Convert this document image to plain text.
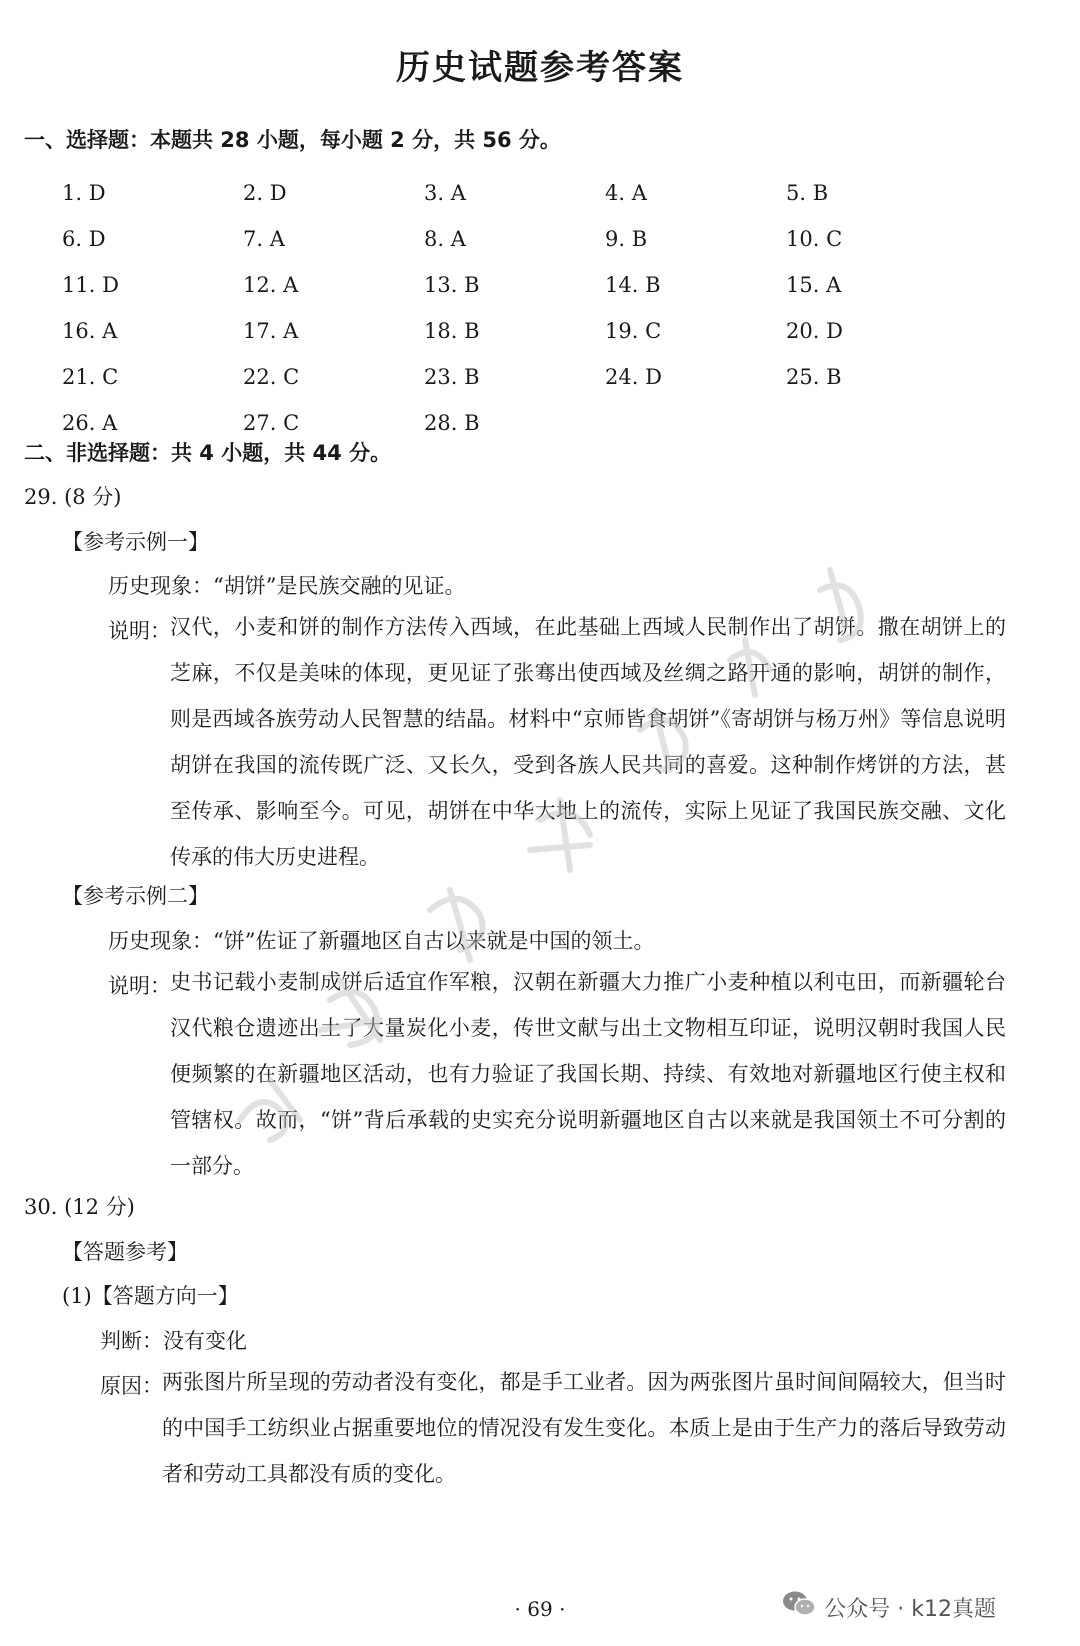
历史试题参考答案
一、选择题：本题共 28 小题，每小题 2 分，共 56 分。
1. D	2. D	3. A	4. A	5. B
6. D	7. A	8. A	9. B	10. C
11. D	12. A	13. B	14. B	15. A
16. A	17. A	18. B	19. C	20. D
21. C	22. C	23. B	24. D	25. B
26. A	27. C	28. B
二、非选择题：共 4 小题，共 44 分。
29. (8 分)
【参考示例一】
历史现象：“胡饼”是民族交融的见证。
说明： 汉代，小麦和饼的制作方法传入西域，在此基础上西域人民制作出了胡饼。撒在胡饼上的芝麻，不仅是美味的体现，更见证了张骞出使西域及丝绸之路开通的影响，胡饼的制作，则是西域各族劳动人民智慧的结晶。材料中“京师皆食胡饼”《寄胡饼与杨万州》等信息说明胡饼在我国的流传既广泛、又长久，受到各族人民共同的喜爱。这种制作烤饼的方法，甚至传承、影响至今。可见，胡饼在中华大地上的流传，实际上见证了我国民族交融、文化传承的伟大历史进程。

【参考示例二】
历史现象：“饼”佐证了新疆地区自古以来就是中国的领土。
说明： 史书记载小麦制成饼后适宜作军粮，汉朝在新疆大力推广小麦种植以利屯田，而新疆轮台汉代粮仓遗迹出土了大量炭化小麦，传世文献与出土文物相互印证，说明汉朝时我国人民便频繁的在新疆地区活动，也有力验证了我国长期、持续、有效地对新疆地区行使主权和管辖权。故而，“饼”背后承载的史实充分说明新疆地区自古以来就是我国领土不可分割的一部分。

30. (12 分)
【答题参考】
(1)【答题方向一】
判断：没有变化
原因： 两张图片所呈现的劳动者没有变化，都是手工业者。因为两张图片虽时间间隔较大，但当时的中国手工纺织业占据重要地位的情况没有发生变化。本质上是由于生产力的落后导致劳动者和劳动工具都没有质的变化。

· 69 ·	公众号 · k12真题
